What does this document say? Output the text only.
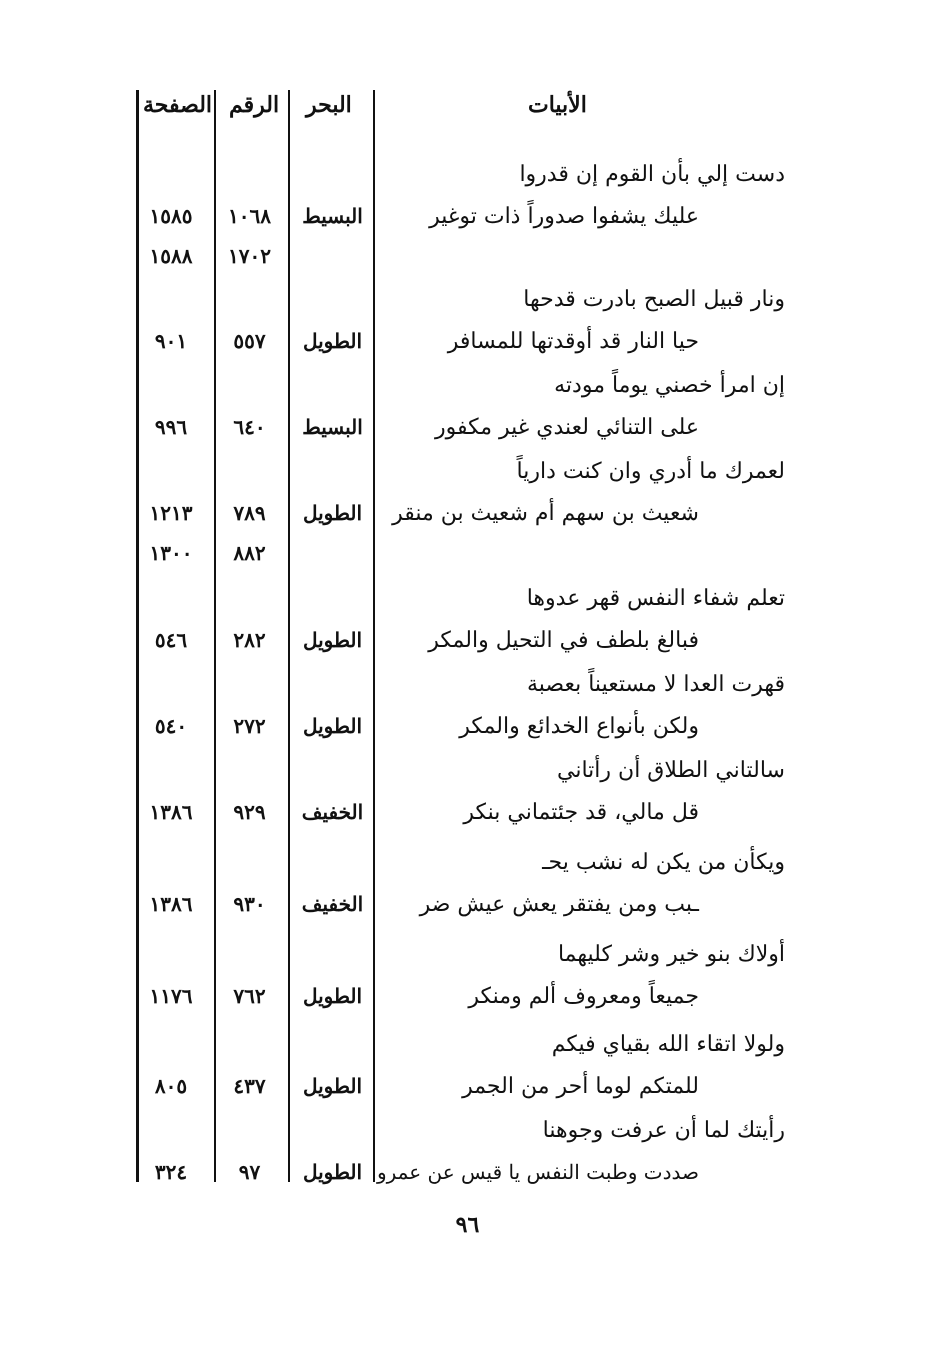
الأبيات
البحر
الرقم
الصفحة
دست إلي بأن القوم إن قدروا
عليك يشفوا صدوراً ذات توغير
البسيط
١٠٦٨
١٥٨٥
١٧٠٢
١٥٨٨
ونار قبيل الصبح بادرت قدحها
حيا النار قد أوقدتها للمسافر
الطويل
٥٥٧
٩٠١
إن امرأ خصني يوماً مودته
على التنائي لعندي غير مكفور
البسيط
٦٤٠
٩٩٦
لعمرك ما أدري وان كنت دارياً
شعيث بن سهم أم شعيث بن منقر
الطويل
٧٨٩
١٢١٣
٨٨٢
١٣٠٠
تعلم شفاء النفس قهر عدوها
فبالغ بلطف في التحيل والمكر
الطويل
٢٨٢
٥٤٦
قهرت العدا لا مستعيناً بعصبة
ولكن بأنواع الخدائع والمكر
الطويل
٢٧٢
٥٤٠
سالتاني الطلاق أن رأتاني
قل مالي، قد جئتماني بنكر
الخفيف
٩٢٩
١٣٨٦
ويكأن من يكن له نشب يحـ
ـبب ومن يفتقر يعش عيش ضر
الخفيف
٩٣٠
١٣٨٦
أولاك بنو خير وشر كليهما
جميعاً ومعروف ألم ومنكر
الطويل
٧٦٢
١١٧٦
ولولا اتقاء الله بقياي فيكم
للمتكم لوما أحر من الجمر
الطويل
٤٣٧
٨٠٥
رأيتك لما أن عرفت وجوهنا
صددت وطبت النفس يا قيس عن عمرو
الطويل
٩٧
٣٢٤
٩٦
